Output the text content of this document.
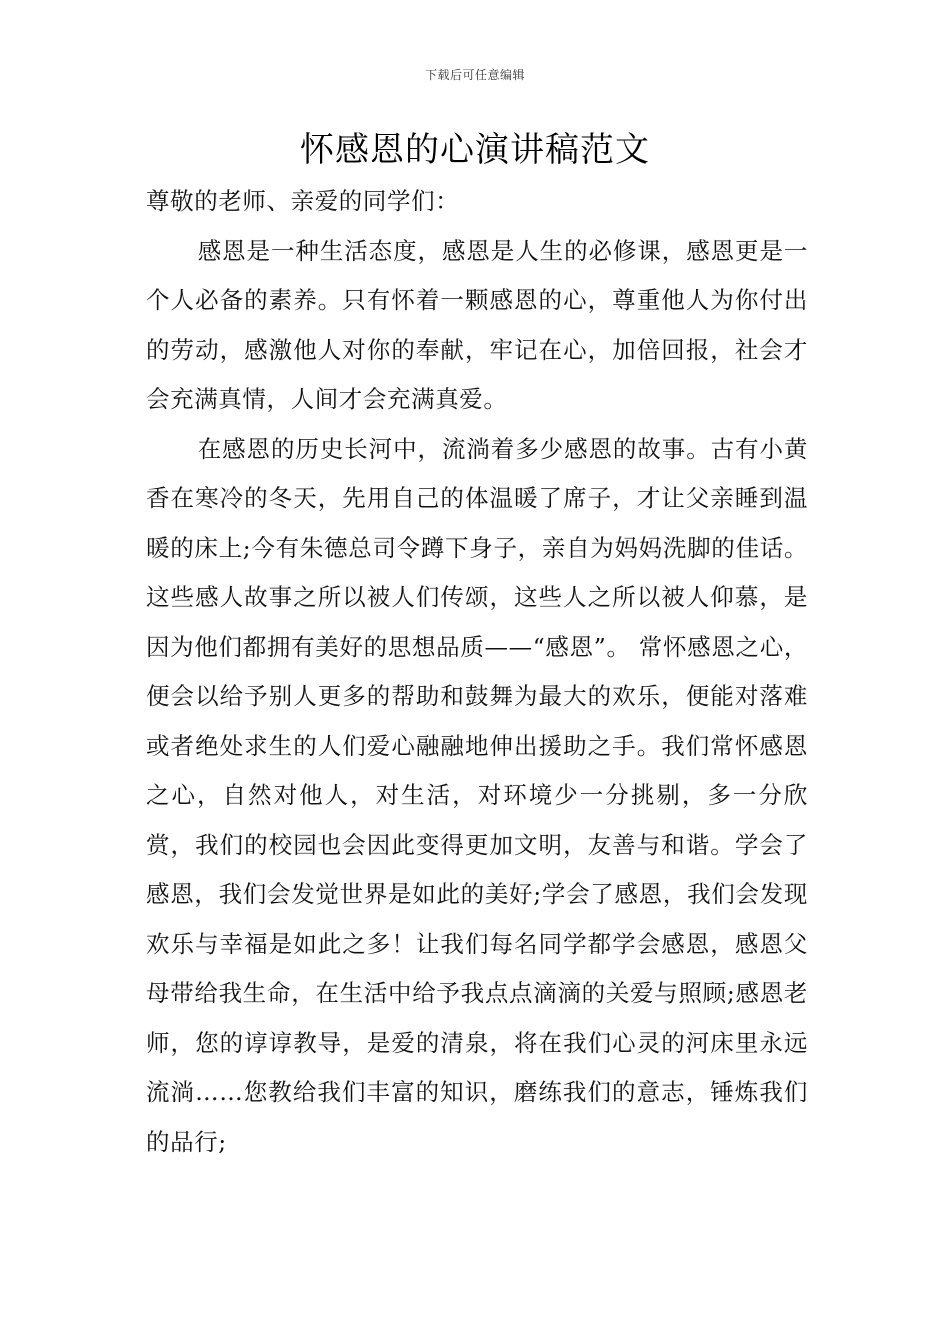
下载后可任意编辑
怀感恩的心演讲稿范文

尊敬的老师、亲爱的同学们：

感恩是一种生活态度，感恩是人生的必修课，感恩更是一个人必备的素养。只有怀着一颗感恩的心，尊重他人为你付出的劳动，感激他人对你的奉献，牢记在心，加倍回报，社会才会充满真情，人间才会充满真爱。

在感恩的历史长河中，流淌着多少感恩的故事。古有小黄香在寒冷的冬天，先用自己的体温暖了席子，才让父亲睡到温暖的床上;今有朱德总司令蹲下身子，亲自为妈妈洗脚的佳话。这些感人故事之所以被人们传颂，这些人之所以被人仰慕，是因为他们都拥有美好的思想品质——“感恩”。 常怀感恩之心，便会以给予别人更多的帮助和鼓舞为最大的欢乐，便能对落难或者绝处求生的人们爱心融融地伸出援助之手。我们常怀感恩之心，自然对他人，对生活，对环境少一分挑剔，多一分欣赏，我们的校园也会因此变得更加文明，友善与和谐。学会了感恩，我们会发觉世界是如此的美好;学会了感恩，我们会发现欢乐与幸福是如此之多！让我们每名同学都学会感恩，感恩父母带给我生命，在生活中给予我点点滴滴的关爱与照顾;感恩老师，您的谆谆教导，是爱的清泉，将在我们心灵的河床里永远流淌……您教给我们丰富的知识，磨练我们的意志，锤炼我们的品行;
